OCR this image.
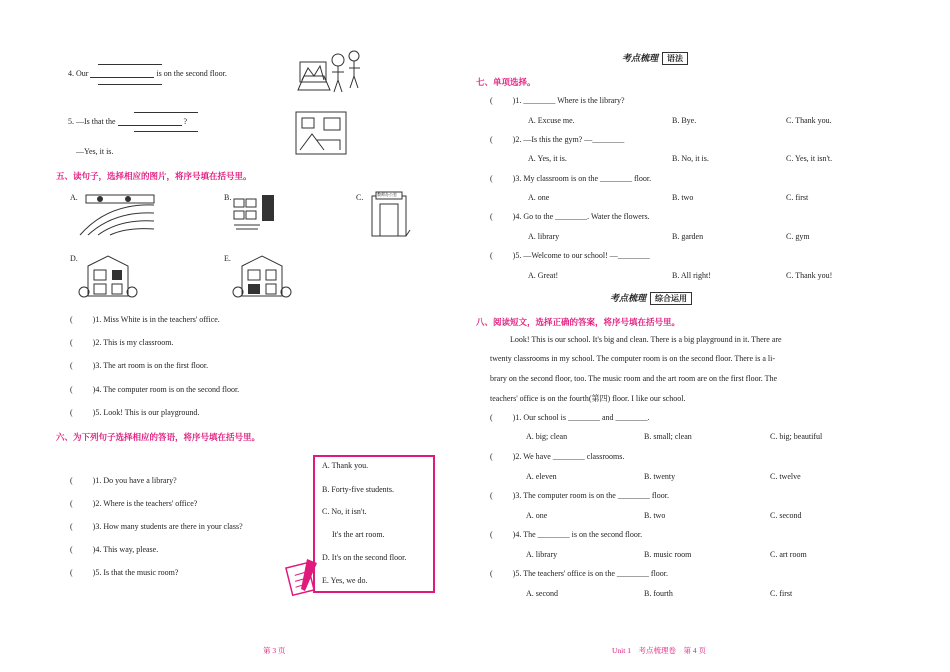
4. Our	is on the second floor.
5. —Is that the	?
—Yes, it is.
五、读句子，选择相应的图片，将序号填在括号里。
A.	B.	C.	教师办公室
D.	E.
(	)1. Miss White is in the teachers' office.
(	)2. This is my classroom.
(	)3. The art room is on the first floor.
(	)4. The computer room is on the second floor.
(	)5. Look! This is our playground.
六、为下列句子选择相应的答语，将序号填在括号里。
(	)1. Do you have a library?
(	)2. Where is the teachers' office?
(	)3. How many students are there in your class?
(	)4. This way, please.
(	)5. Is that the music room?
A. Thank you.
B. Forty-five students.
C. No, it isn't.
It's the art room.
D. It's on the second floor.
E. Yes, we do.
第 3 页
考点梳理 语法
七、单项选择。
(	)1. ________ Where is the library?
A. Excuse me.	B. Bye.	C. Thank you.
(	)2. —Is this the gym? —________
A. Yes, it is.	B. No, it is.	C. Yes, it isn't.
(	)3. My classroom is on the ________ floor.
A. one	B. two	C. first
(	)4. Go to the ________. Water the flowers.
A. library	B. garden	C. gym
(	)5. —Welcome to our school! —________
A. Great!	B. All right!	C. Thank you!
考点梳理 综合运用
八、阅读短文，选择正确的答案，将序号填在括号里。
Look! This is our school. It's big and clean. There is a big playground in it. There are
twenty classrooms in my school. The computer room is on the second floor. There is a li-
brary on the second floor, too. The music room and the art room are on the first floor. The
teachers' office is on the fourth(第四) floor. I like our school.
(	)1. Our school is ________ and ________.
A. big; clean	B. small; clean	C. big; beautiful
(	)2. We have ________ classrooms.
A. eleven	B. twenty	C. twelve
(	)3. The computer room is on the ________ floor.
A. one	B. two	C. second
(	)4. The ________ is on the second floor.
A. library	B. music room	C. art room
(	)5. The teachers' office is on the ________ floor.
A. second	B. fourth	C. first
Unit 1　考点梳理卷　第 4 页
